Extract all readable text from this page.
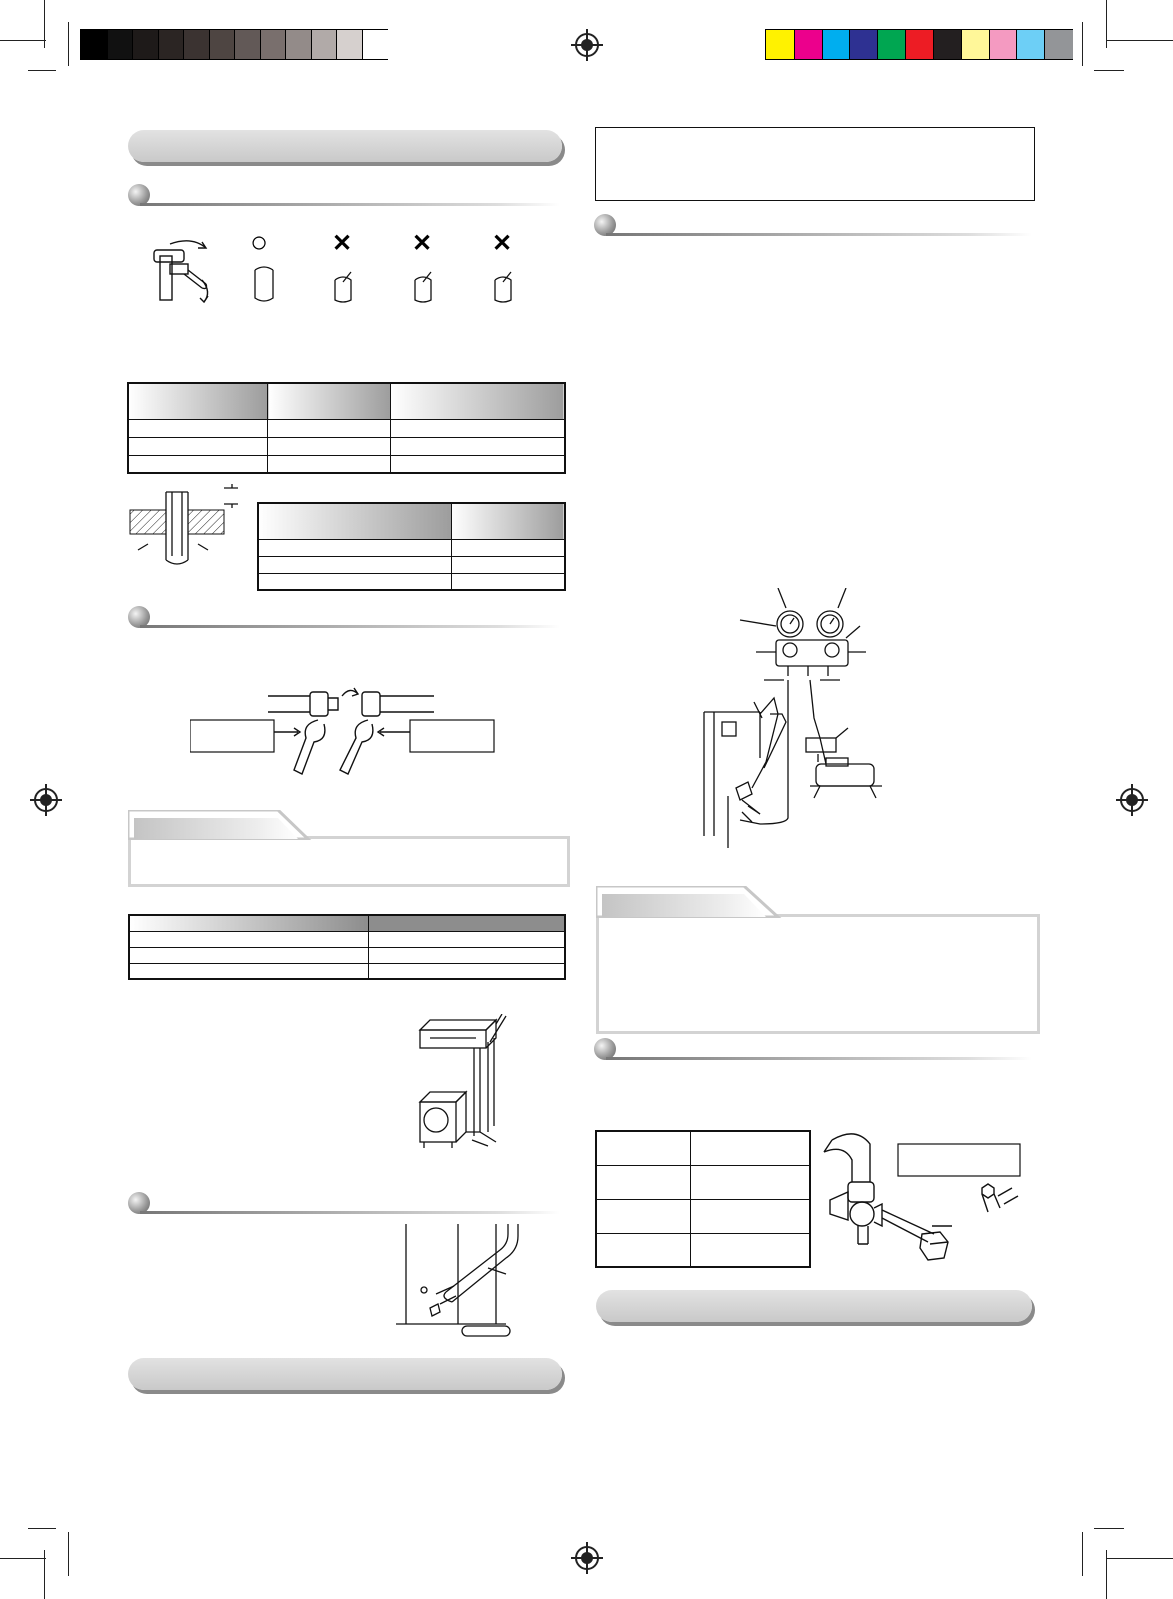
○	✕ ✕ ✕
